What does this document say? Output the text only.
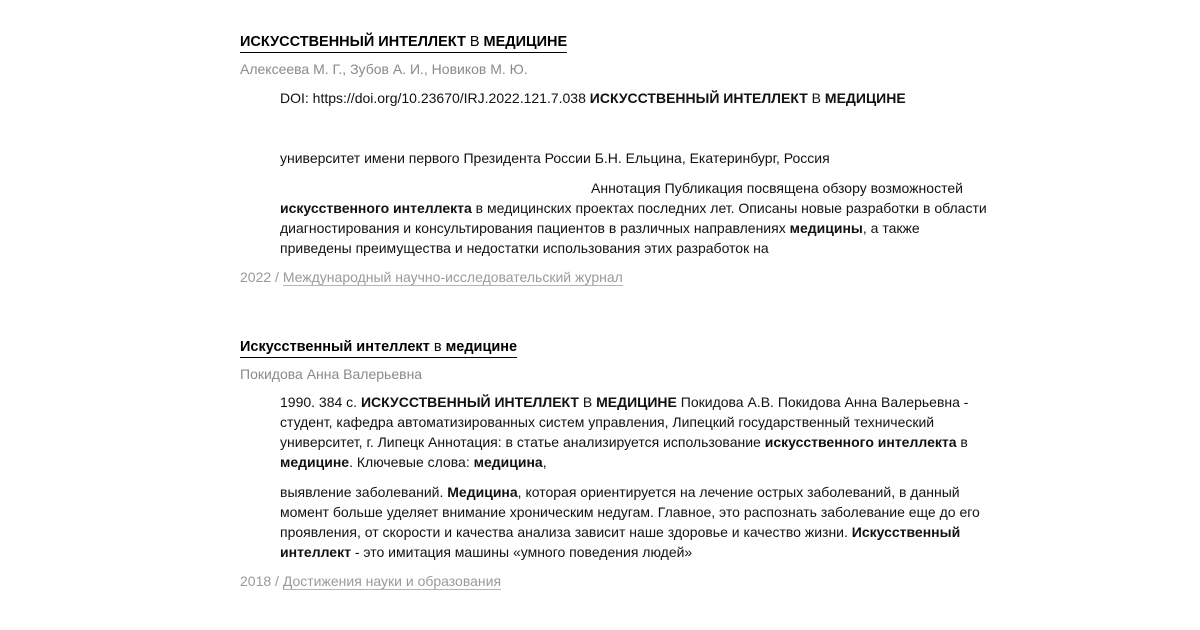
ИСКУССТВЕННЫЙ ИНТЕЛЛЕКТ В МЕДИЦИНЕ
Алексеева М. Г., Зубов А. И., Новиков М. Ю.
DOI: https://doi.org/10.23670/IRJ.2022.121.7.038 ИСКУССТВЕННЫЙ ИНТЕЛЛЕКТ В МЕДИЦИНЕ
университет имени первого Президента России Б.Н. Ельцина, Екатеринбург, Россия
Аннотация Публикация посвящена обзору возможностей искусственного интеллекта в медицинских проектах последних лет. Описаны новые разработки в области диагностирования и консультирования пациентов в различных направлениях медицины, а также приведены преимущества и недостатки использования этих разработок на
2022 / Международный научно-исследовательский журнал
Искусственный интеллект в медицине
Покидова Анна Валерьевна
1990. 384 с. ИСКУССТВЕННЫЙ ИНТЕЛЛЕКТ В МЕДИЦИНЕ Покидова А.В. Покидова Анна Валерьевна - студент, кафедра автоматизированных систем управления, Липецкий государственный технический университет, г. Липецк Аннотация: в статье анализируется использование искусственного интеллекта в медицине. Ключевые слова: медицина,
выявление заболеваний. Медицина, которая ориентируется на лечение острых заболеваний, в данный момент больше уделяет внимание хроническим недугам. Главное, это распознать заболевание еще до его проявления, от скорости и качества анализа зависит наше здоровье и качество жизни. Искусственный интеллект - это имитация машины «умного поведения людей»
2018 / Достижения науки и образования
